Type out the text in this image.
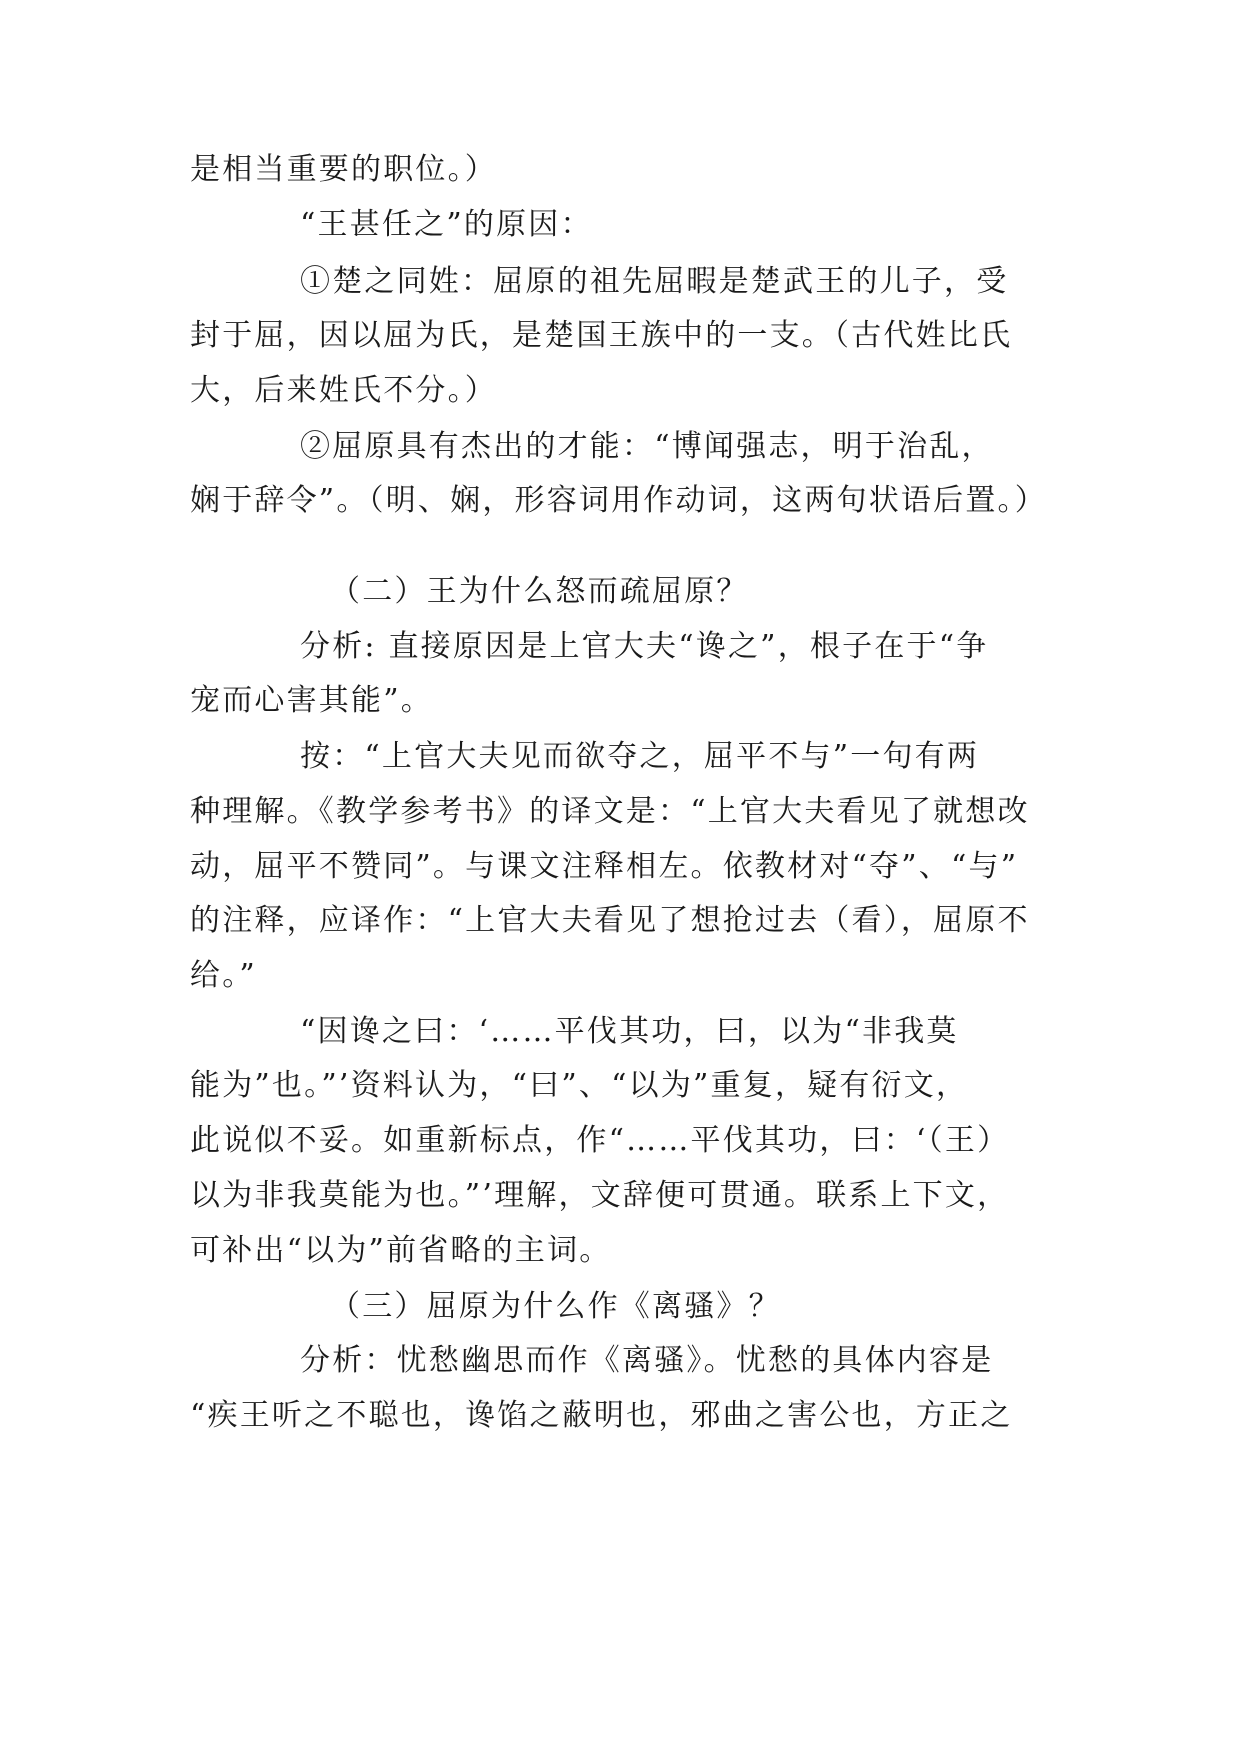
是相当重要的职位。）
“王甚任之”的原因：
①楚之同姓：屈原的祖先屈暇是楚武王的儿子，受
封于屈，因以屈为氏，是楚国王族中的一支。（古代姓比氏
大，后来姓氏不分。）
②屈原具有杰出的才能：“博闻强志，明于治乱，
娴于辞令”。（明、娴，形容词用作动词，这两句状语后置。）
（二）王为什么怒而疏屈原？
分析: 直接原因是上官大夫“谗之”，根子在于“争
宠而心害其能”。
按：“上官大夫见而欲夺之，屈平不与”一句有两
种理解。《教学参考书》的译文是：“上官大夫看见了就想改
动，屈平不赞同”。与课文注释相左。依教材对“夺”、“与”
的注释，应译作：“上官大夫看见了想抢过去（看），屈原不
给。”
“因谗之曰：‘……平伐其功，曰，以为“非我莫
能为”也。”’资料认为，“曰”、“以为”重复，疑有衍文，
此说似不妥。如重新标点，作“……平伐其功，曰：‘（王）
以为非我莫能为也。”’理解，文辞便可贯通。联系上下文，
可补出“以为”前省略的主词。
（三）屈原为什么作《离骚》？
分析：忧愁幽思而作《离骚》。忧愁的具体内容是
“疾王听之不聪也，谗馅之蔽明也，邪曲之害公也，方正之
